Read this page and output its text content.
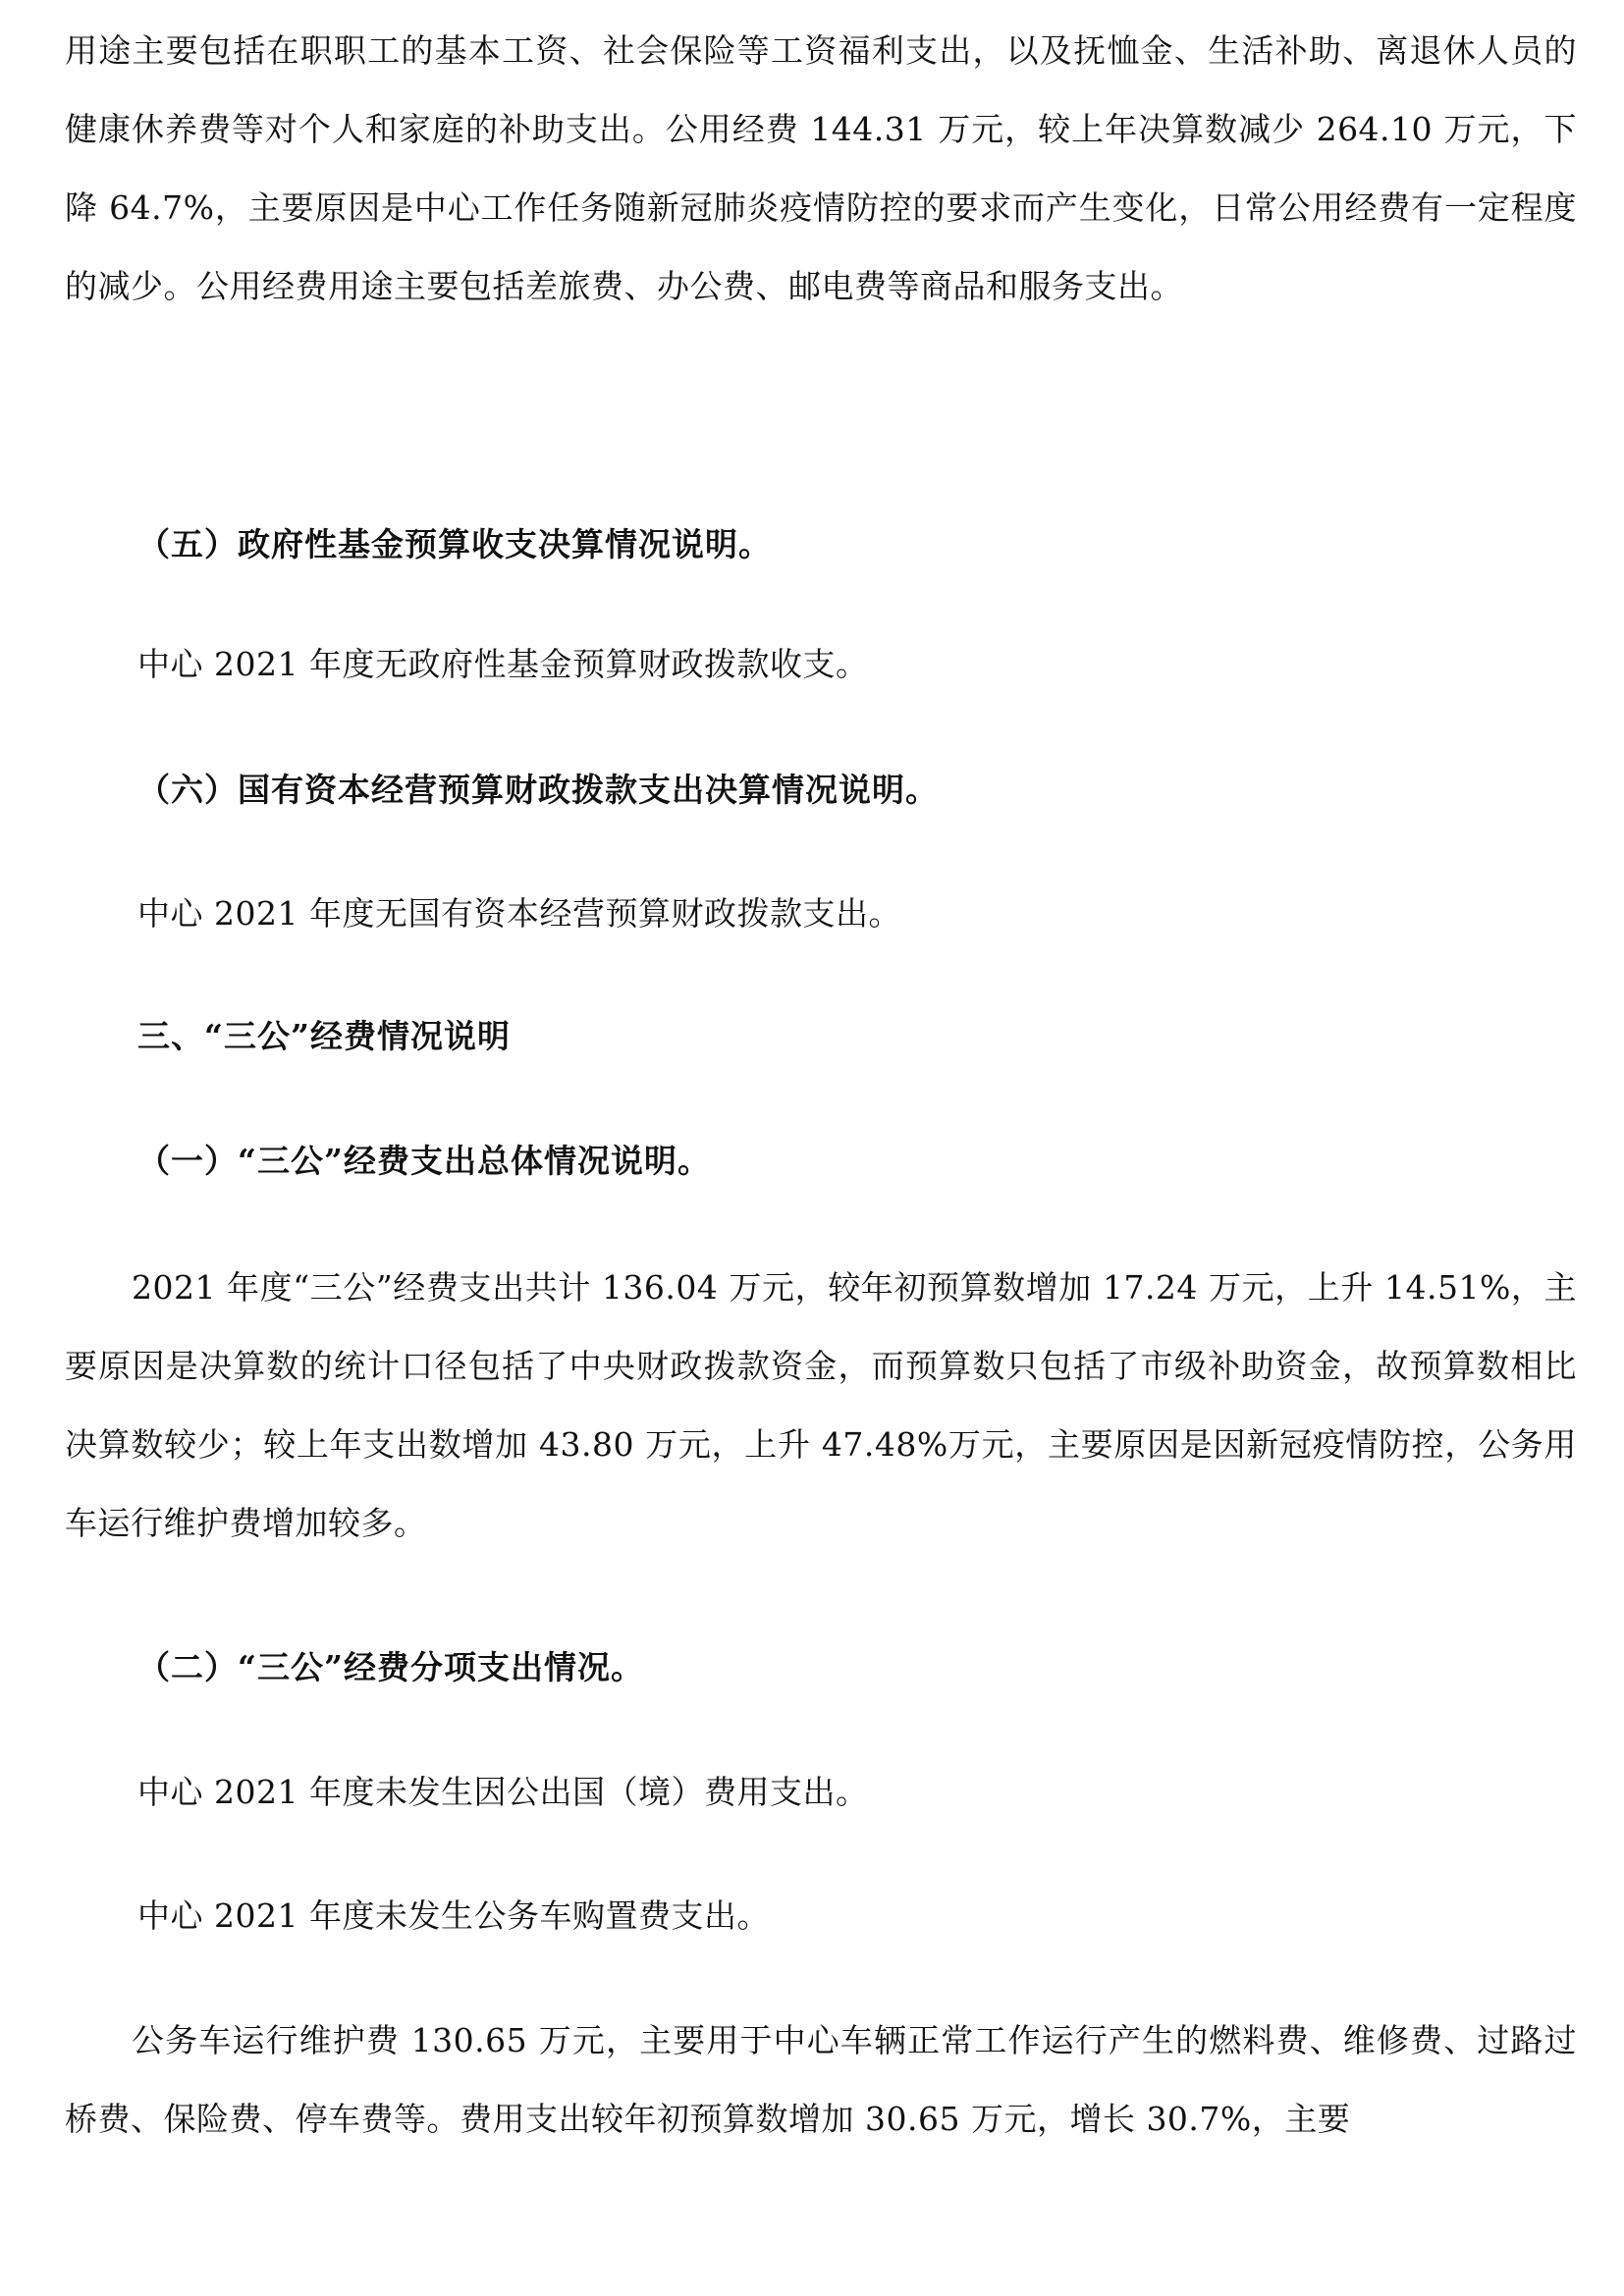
用途主要包括在职职工的基本工资、社会保险等工资福利支出，以及抚恤金、生活补助、离退休人员的健康休养费等对个人和家庭的补助支出。公用经费 144.31 万元，较上年决算数减少 264.10 万元，下降 64.7%，主要原因是中心工作任务随新冠肺炎疫情防控的要求而产生变化，日常公用经费有一定程度的减少。公用经费用途主要包括差旅费、办公费、邮电费等商品和服务支出。

（五）政府性基金预算收支决算情况说明。

中心 2021 年度无政府性基金预算财政拨款收支。

（六）国有资本经营预算财政拨款支出决算情况说明。

中心 2021 年度无国有资本经营预算财政拨款支出。

三、“三公”经费情况说明

（一）“三公”经费支出总体情况说明。

2021 年度“三公”经费支出共计 136.04 万元，较年初预算数增加 17.24 万元，上升 14.51%，主要原因是决算数的统计口径包括了中央财政拨款资金，而预算数只包括了市级补助资金，故预算数相比决算数较少；较上年支出数增加 43.80 万元，上升 47.48%万元，主要原因是因新冠疫情防控，公务用车运行维护费增加较多。

（二）“三公”经费分项支出情况。

中心 2021 年度未发生因公出国（境）费用支出。

中心 2021 年度未发生公务车购置费支出。

公务车运行维护费 130.65 万元，主要用于中心车辆正常工作运行产生的燃料费、维修费、过路过桥费、保险费、停车费等。费用支出较年初预算数增加 30.65 万元，增长 30.7%，主要
